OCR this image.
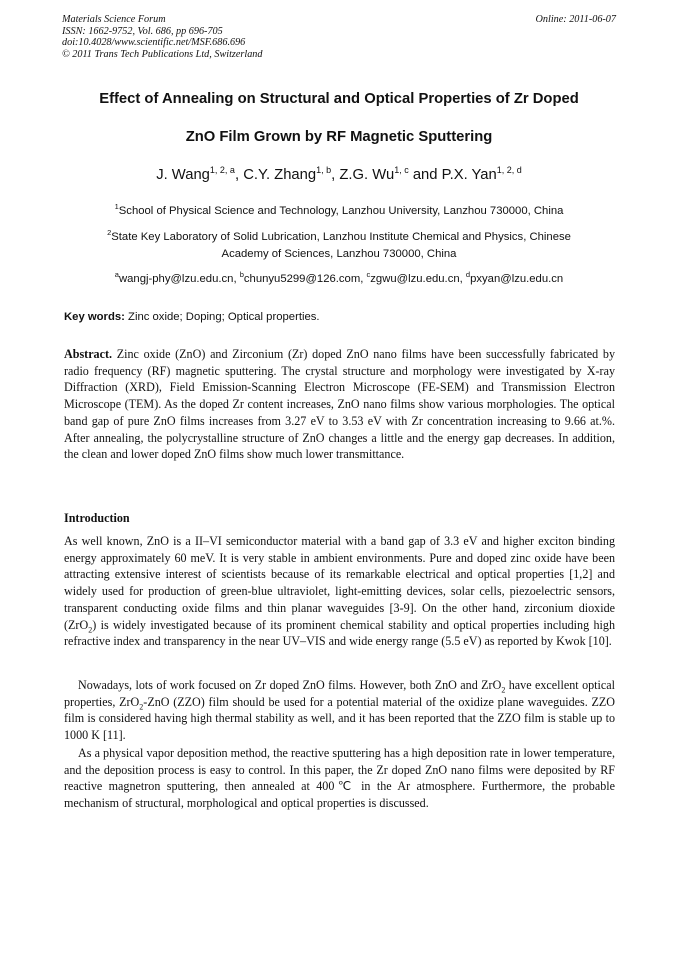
Materials Science Forum
ISSN: 1662-9752, Vol. 686, pp 696-705
doi:10.4028/www.scientific.net/MSF.686.696
© 2011 Trans Tech Publications Ltd, Switzerland
Online: 2011-06-07
Effect of Annealing on Structural and Optical Properties of Zr Doped
ZnO Film Grown by RF Magnetic Sputtering
J. Wang$^{1, 2, a}$, C.Y. Zhang$^{1, b}$, Z.G. Wu$^{1, c}$ and P.X. Yan$^{1, 2, d}$
$^1$School of Physical Science and Technology, Lanzhou University, Lanzhou 730000, China
$^2$State Key Laboratory of Solid Lubrication, Lanzhou Institute Chemical and Physics, Chinese
Academy of Sciences, Lanzhou 730000, China
$^a$wangj-phy@lzu.edu.cn, $^b$chunyu5299@126.com, $^c$zgwu@lzu.edu.cn, $^d$pxyan@lzu.edu.cn
Key words: Zinc oxide; Doping; Optical properties.
Abstract. Zinc oxide (ZnO) and Zirconium (Zr) doped ZnO nano films have been successfully fabricated by radio frequency (RF) magnetic sputtering. The crystal structure and morphology were investigated by X-ray Diffraction (XRD), Field Emission-Scanning Electron Microscope (FE-SEM) and Transmission Electron Microscope (TEM). As the doped Zr content increases, ZnO nano films show various morphologies. The optical band gap of pure ZnO films increases from 3.27 eV to 3.53 eV with Zr concentration increasing to 9.66 at.%. After annealing, the polycrystalline structure of ZnO changes a little and the energy gap decreases. In addition, the clean and lower doped ZnO films show much lower transmittance.
Introduction
As well known, ZnO is a II–VI semiconductor material with a band gap of 3.3 eV and higher exciton binding energy approximately 60 meV. It is very stable in ambient environments. Pure and doped zinc oxide have been attracting extensive interest of scientists because of its remarkable electrical and optical properties [1,2] and widely used for production of green-blue ultraviolet, light-emitting devices, solar cells, piezoelectric sensors, transparent conducting oxide films and thin planar waveguides [3-9]. On the other hand, zirconium dioxide (ZrO$_2$) is widely investigated because of its prominent chemical stability and optical properties including high refractive index and transparency in the near UV–VIS and wide energy range (5.5 eV) as reported by Kwok [10].
Nowadays, lots of work focused on Zr doped ZnO films. However, both ZnO and ZrO$_2$ have excellent optical properties, ZrO$_2$-ZnO (ZZO) film should be used for a potential material of the oxidize plane waveguides. ZZO film is considered having high thermal stability as well, and it has been reported that the ZZO film is stable up to 1000 K [11].
As a physical vapor deposition method, the reactive sputtering has a high deposition rate in lower temperature, and the deposition process is easy to control. In this paper, the Zr doped ZnO nano films were deposited by RF reactive magnetron sputtering, then annealed at 400℃ in the Ar atmosphere. Furthermore, the probable mechanism of structural, morphological and optical properties is discussed.
